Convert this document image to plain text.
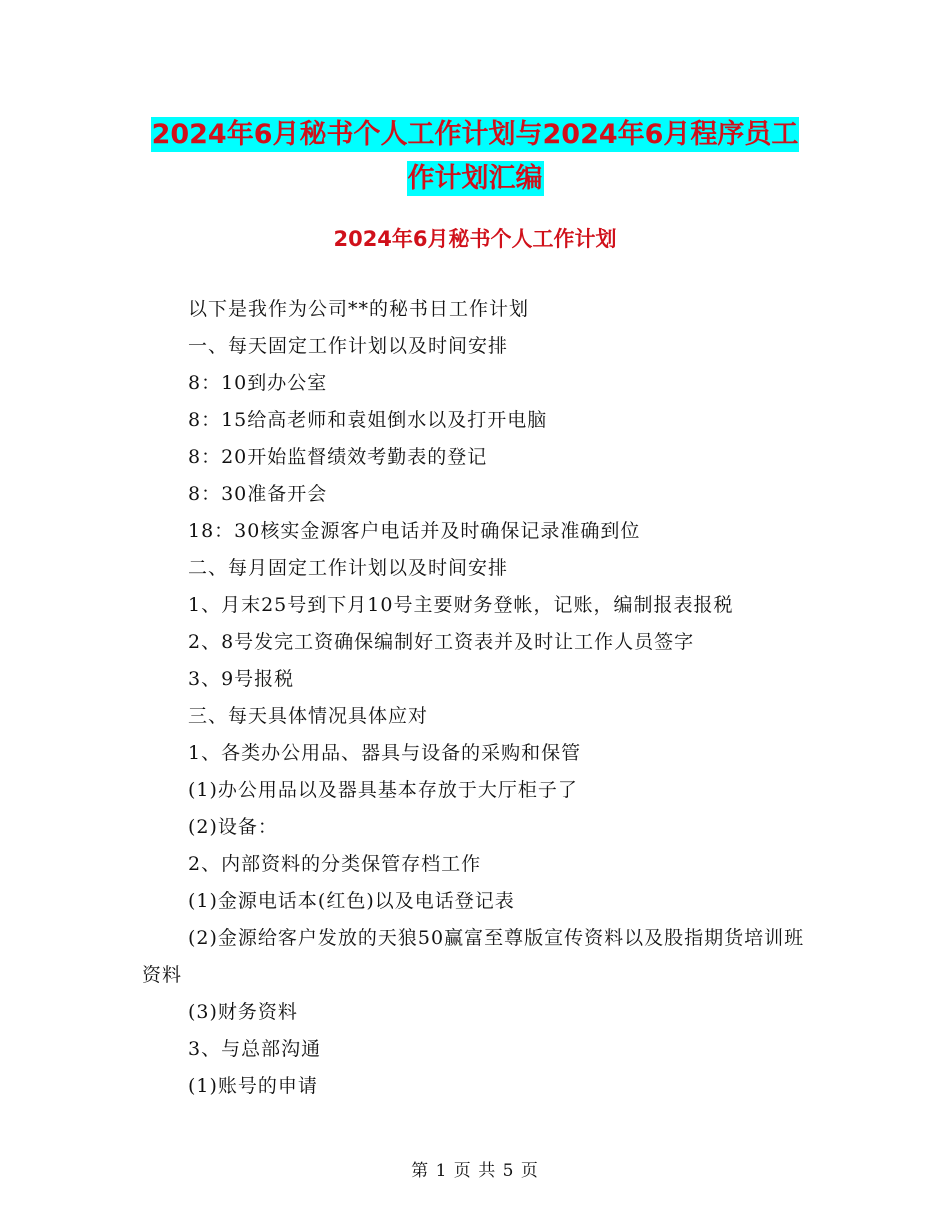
2024年6月秘书个人工作计划与2024年6月程序员工
作计划汇编
2024年6月秘书个人工作计划

以下是我作为公司**的秘书日工作计划

一、每天固定工作计划以及时间安排

8：10到办公室

8：15给高老师和袁姐倒水以及打开电脑

8：20开始监督绩效考勤表的登记

8：30准备开会

18：30核实金源客户电话并及时确保记录准确到位

二、每月固定工作计划以及时间安排

1、月末25号到下月10号主要财务登帐，记账，编制报表报税

2、8号发完工资确保编制好工资表并及时让工作人员签字

3、9号报税

三、每天具体情况具体应对

1、各类办公用品、器具与设备的采购和保管

(1)办公用品以及器具基本存放于大厅柜子了

(2)设备：

2、内部资料的分类保管存档工作

(1)金源电话本(红色)以及电话登记表

(2)金源给客户发放的天狼50赢富至尊版宣传资料以及股指期货培训班资料

(3)财务资料

3、与总部沟通

(1)账号的申请

第 1 页 共 5 页
